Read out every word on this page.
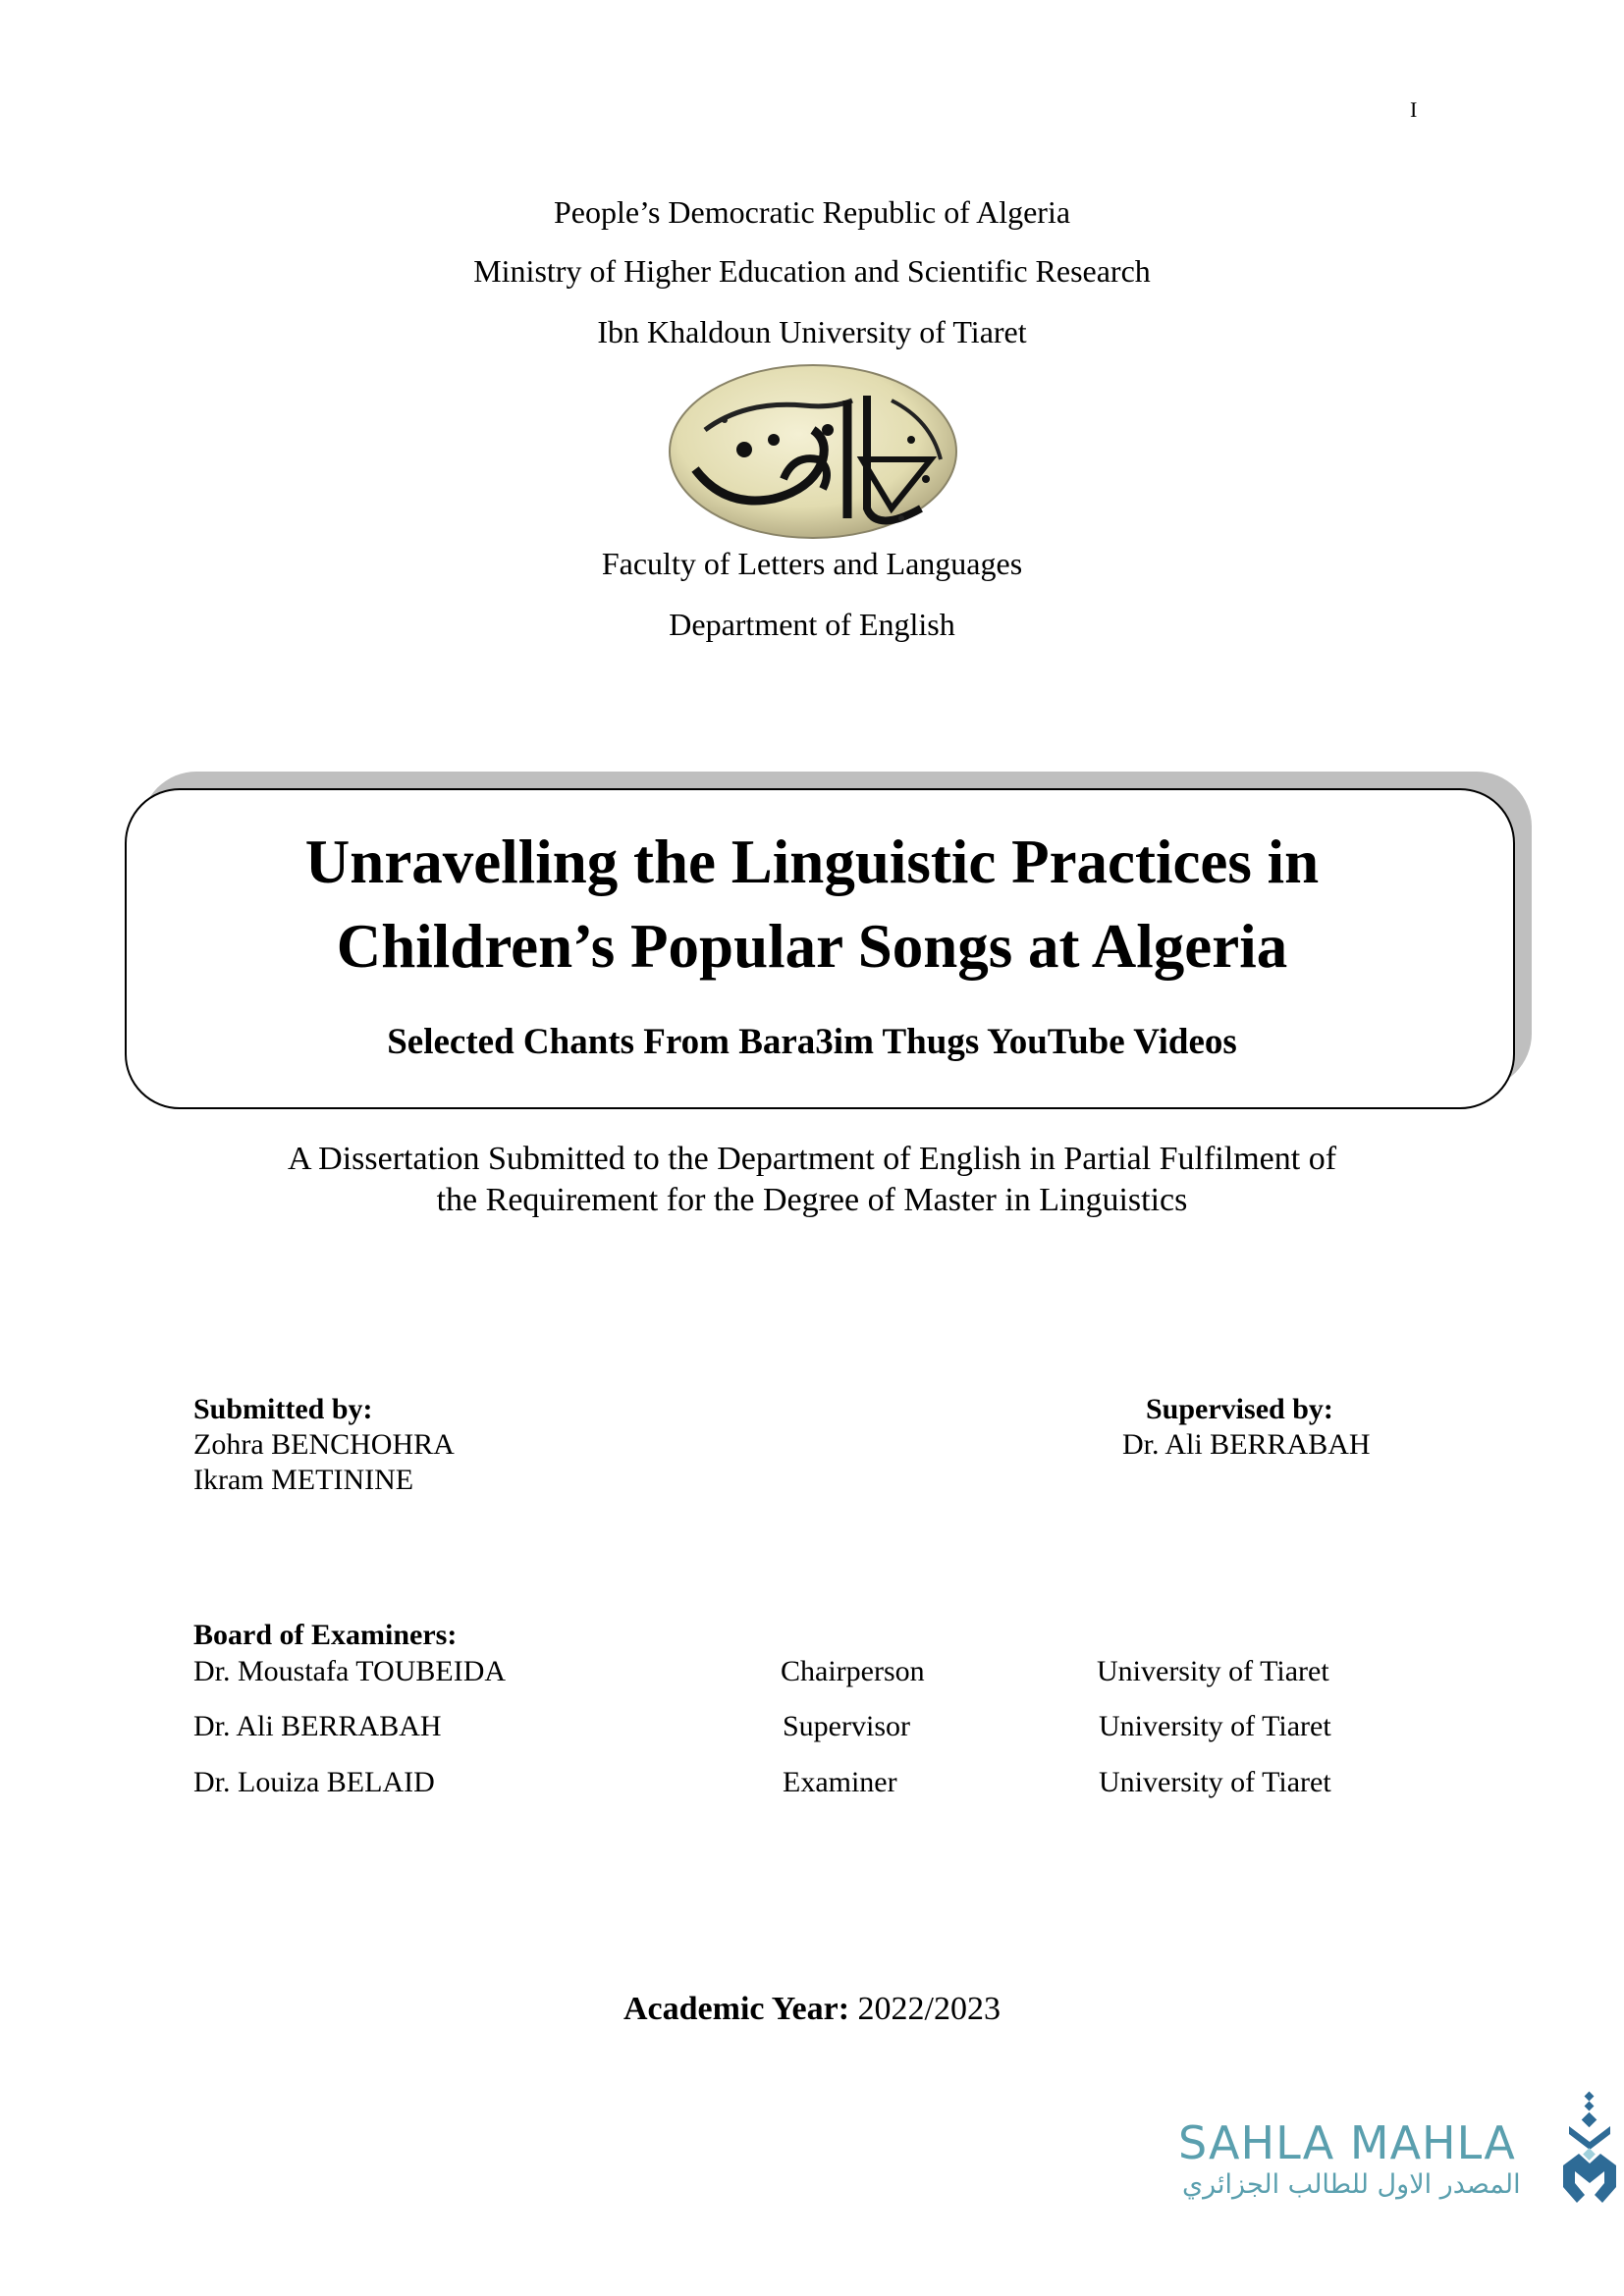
I
People’s Democratic Republic of Algeria
Ministry of Higher Education and Scientific Research
Ibn Khaldoun University of Tiaret
Faculty of Letters and Languages
Department of English
Unravelling the Linguistic Practices in
Children’s Popular Songs at Algeria
Selected Chants From Bara3im Thugs YouTube Videos
A Dissertation Submitted to the Department of English in Partial Fulfilment of
the Requirement for the Degree of Master in Linguistics
Submitted by:
Zohra BENCHOHRA
Ikram METININE
Supervised by:
Dr. Ali BERRABAH
Board of Examiners:
Dr. Moustafa TOUBEIDA	Chairperson	University of Tiaret
Dr. Ali BERRABAH	Supervisor	University of Tiaret
Dr. Louiza BELAID	Examiner	University of Tiaret
Academic Year: 2022/2023
SAHLA MAHLA
المصدر الاول للطالب الجزائري
